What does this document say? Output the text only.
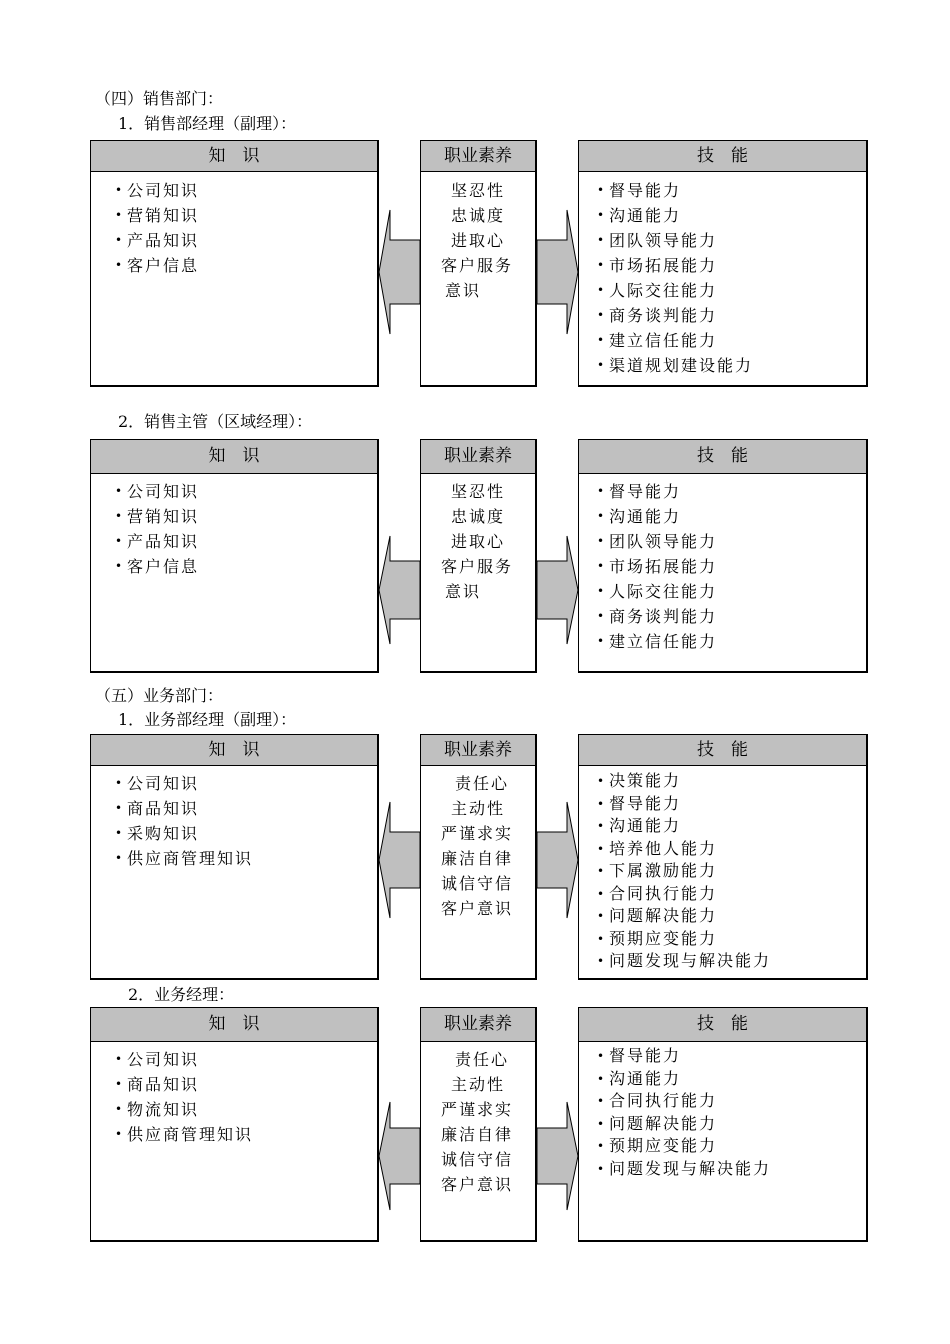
（四）销售部门：
1．销售部经理（副理）：
2．销售主管（区域经理）：
（五）业务部门：
1．业务部经理（副理）：
2．业务经理：
知　识
• 公司知识
• 营销知识
• 产品知识
• 客户信息
职业素养
坚忍性
忠诚度
进取心
客户服务
意识
技　能
• 督导能力
• 沟通能力
• 团队领导能力
• 市场拓展能力
• 人际交往能力
• 商务谈判能力
• 建立信任能力
• 渠道规划建设能力
知　识
• 公司知识
• 营销知识
• 产品知识
• 客户信息
职业素养
坚忍性
忠诚度
进取心
客户服务
意识
技　能
• 督导能力
• 沟通能力
• 团队领导能力
• 市场拓展能力
• 人际交往能力
• 商务谈判能力
• 建立信任能力
知　识
• 公司知识
• 商品知识
• 采购知识
• 供应商管理知识
职业素养
责任心
主动性
严谨求实
廉洁自律
诚信守信
客户意识
技　能
• 决策能力
• 督导能力
• 沟通能力
• 培养他人能力
• 下属激励能力
• 合同执行能力
• 问题解决能力
• 预期应变能力
• 问题发现与解决能力
知　识
• 公司知识
• 商品知识
• 物流知识
• 供应商管理知识
职业素养
责任心
主动性
严谨求实
廉洁自律
诚信守信
客户意识
技　能
• 督导能力
• 沟通能力
• 合同执行能力
• 问题解决能力
• 预期应变能力
• 问题发现与解决能力
